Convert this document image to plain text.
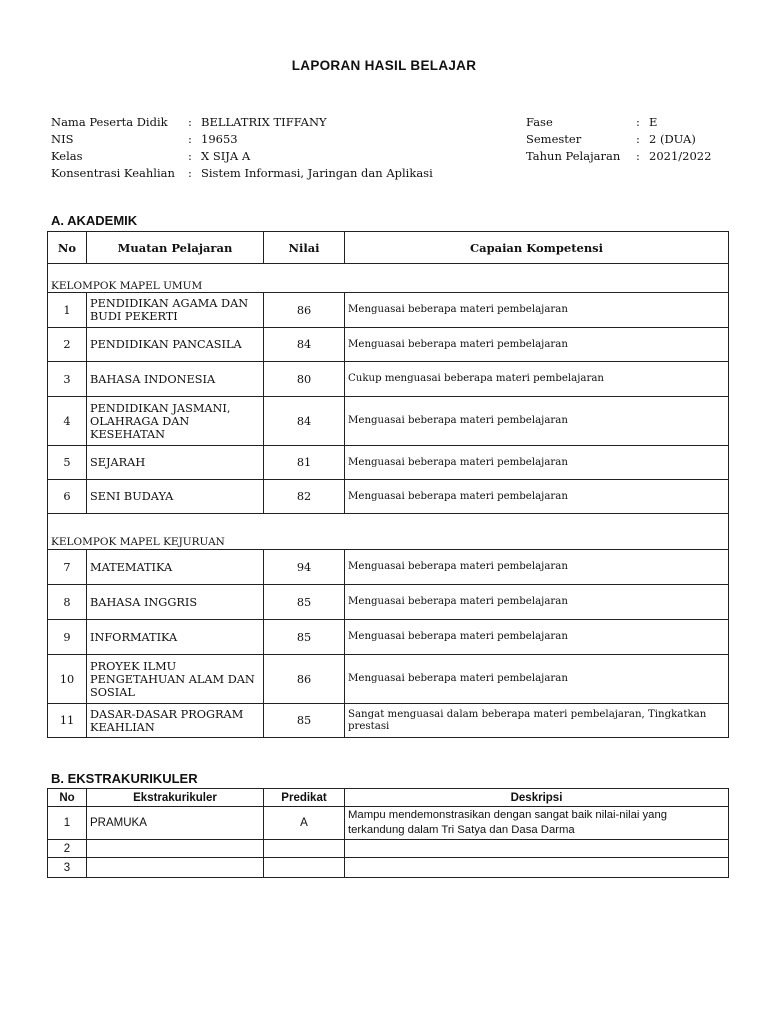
LAPORAN HASIL BELAJAR
Nama Peserta Didik : BELLATRIX TIFFANY
NIS	: 19653
Kelas	: X SIJA A
Konsentrasi Keahlian : Sistem Informasi, Jaringan dan Aplikasi
Fase	: E
Semester	: 2 (DUA)
Tahun Pelajaran : 2021/2022
A. AKADEMIK
No	Muatan Pelajaran	Nilai	Capaian Kompetensi
KELOMPOK MAPEL UMUM			
1	PENDIDIKAN AGAMA DAN BUDI PEKERTI	86	Menguasai beberapa materi pembelajaran
2	PENDIDIKAN PANCASILA	84	Menguasai beberapa materi pembelajaran
3	BAHASA INDONESIA	80	Cukup menguasai beberapa materi pembelajaran
4	PENDIDIKAN JASMANI, OLAHRAGA DAN KESEHATAN	84	Menguasai beberapa materi pembelajaran
5	SEJARAH	81	Menguasai beberapa materi pembelajaran
6	SENI BUDAYA	82	Menguasai beberapa materi pembelajaran
KELOMPOK MAPEL KEJURUAN			
7	MATEMATIKA	94	Menguasai beberapa materi pembelajaran
8	BAHASA INGGRIS	85	Menguasai beberapa materi pembelajaran
9	INFORMATIKA	85	Menguasai beberapa materi pembelajaran
10	PROYEK ILMU PENGETAHUAN ALAM DAN SOSIAL	86	Menguasai beberapa materi pembelajaran
11	DASAR-DASAR PROGRAM KEAHLIAN	85	Sangat menguasai dalam beberapa materi pembelajaran, Tingkatkan prestasi
B. EKSTRAKURIKULER
No	Ekstrakurikuler	Predikat	Deskripsi
1	PRAMUKA	A	Mampu mendemonstrasikan dengan sangat baik nilai-nilai yang terkandung dalam Tri Satya dan Dasa Darma
2			
3			
